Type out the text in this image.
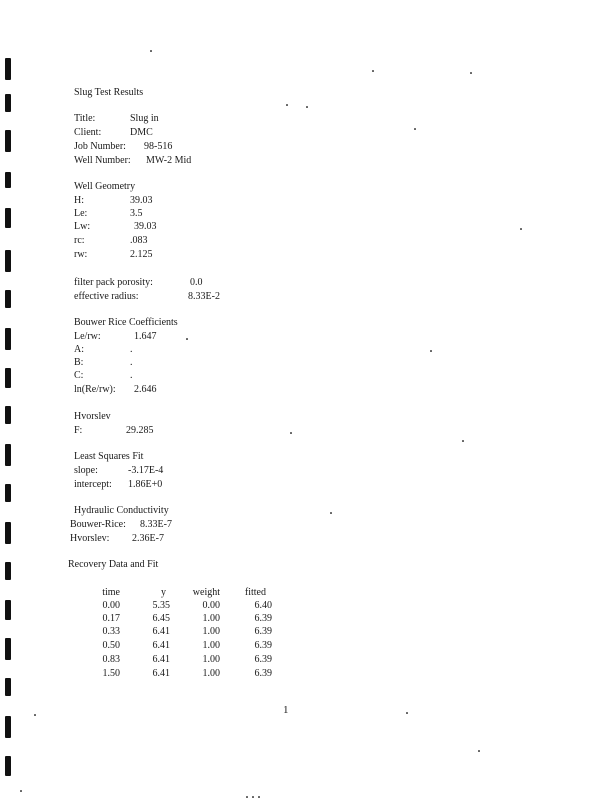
Slug Test Results
Title:	Slug in
Client:	DMC
Job Number: 98-516
Well Number: MW-2 Mid
Well Geometry
H:	39.03
Le:	3.5
Lw:	39.03
rc:	.083
rw:	2.125
filter pack porosity:	0.0
effective radius:	8.33E-2
Bouwer Rice Coefficients
Le/rw:	1.647
A:	.
B:	.
C:	.
ln(Re/rw): 2.646
Hvorslev
F:	29.285
Least Squares Fit
slope:	-3.17E-4
intercept: 1.86E+0
Hydraulic Conductivity
Bouwer-Rice: 8.33E-7
Hvorslev: 2.36E-7
Recovery Data and Fit
time	y	weight	fitted
0.00	5.35	0.00	6.40
0.17	6.45	1.00	6.39
0.33	6.41	1.00	6.39
0.50	6.41	1.00	6.39
0.83	6.41	1.00	6.39
1.50	6.41	1.00	6.39
1
